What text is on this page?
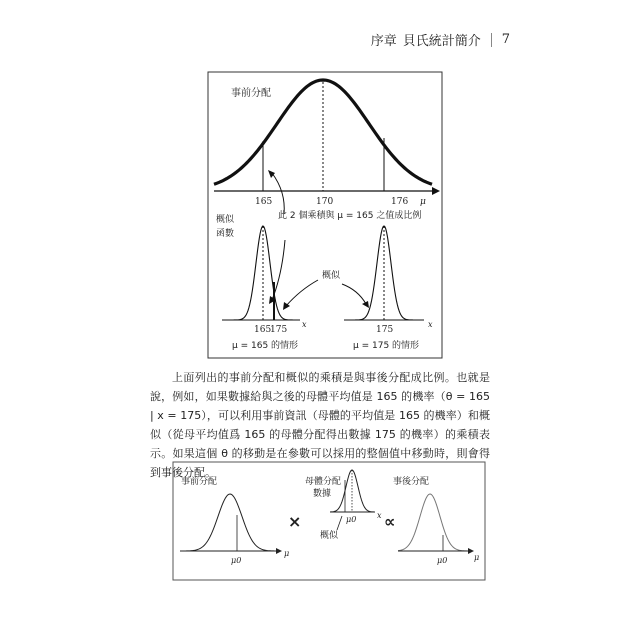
序章 貝氏統計簡介 7
事前分配
165	170	176 μ
此 2 個乘積與 μ = 165 之值成比例
概似
函數
x
165
175
μ = 165 的情形
x
175
μ = 175 的情形
概似
事前分配
μ0
μ
×
母體分配
數據
x
μ0
概似
∝
事後分配
μ0	μ

上面列出的事前分配和概似的乘積是與事後分配成比例。也就是說，例如，如果數據給與之後的母體平均值是 165 的機率（θ = 165 | x = 175），可以利用事前資訊（母體的平均值是 165 的機率）和概似（從母平均值爲 165 的母體分配得出數據 175 的機率）的乘積表示。如果這個 θ 的移動是在參數可以採用的整個值中移動時，則會得到事後分配。
